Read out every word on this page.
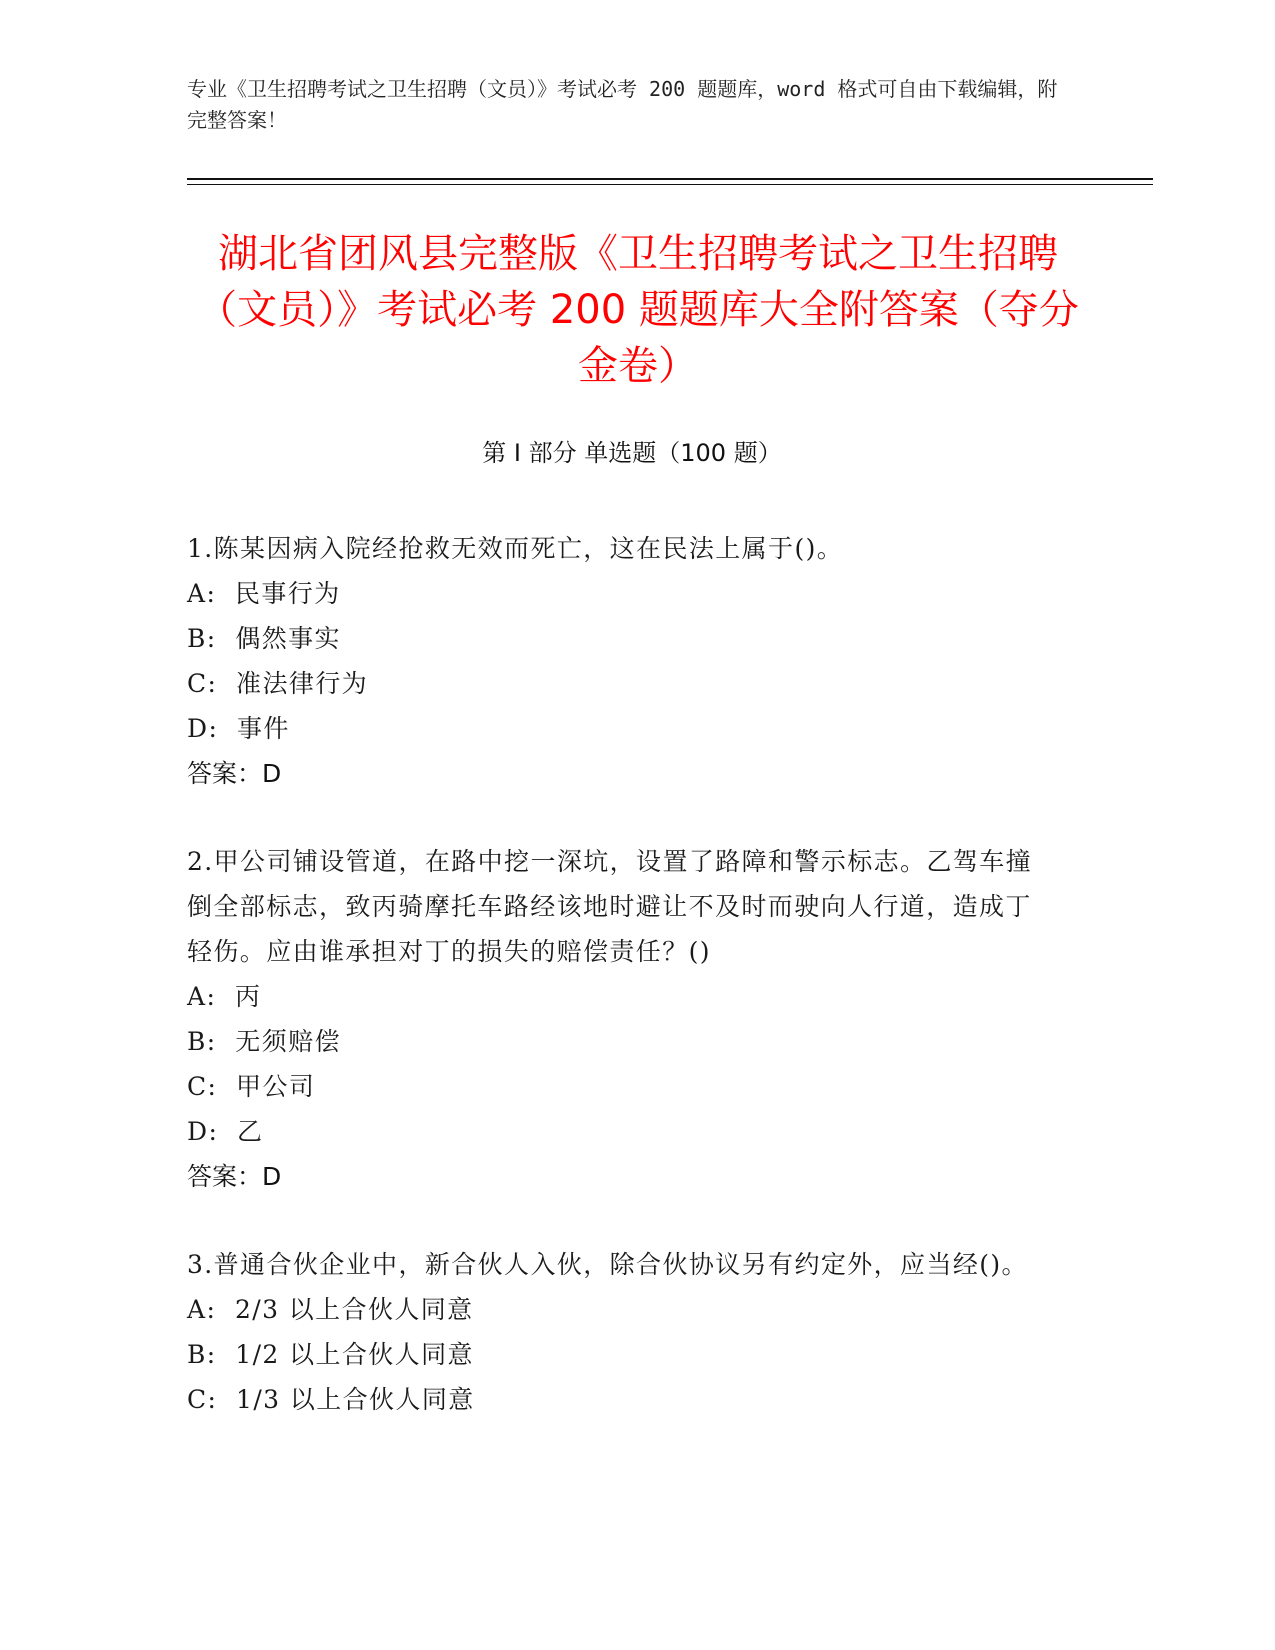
专业《卫生招聘考试之卫生招聘（文员）》考试必考 200 题题库，word 格式可自由下载编辑，附完整答案！
湖北省团风县完整版《卫生招聘考试之卫生招聘（文员）》考试必考 200 题题库大全附答案（夺分金卷）
第 I 部分 单选题（100 题）

1.陈某因病入院经抢救无效而死亡，这在民法上属于()。

A:  民事行为

B:  偶然事实

C:  准法律行为

D:  事件

答案：D

2.甲公司铺设管道，在路中挖一深坑，设置了路障和警示标志。乙驾车撞倒全部标志，致丙骑摩托车路经该地时避让不及时而驶向人行道，造成丁轻伤。应由谁承担对丁的损失的赔偿责任？()

A:  丙

B:  无须赔偿

C:  甲公司

D:  乙

答案：D

3.普通合伙企业中，新合伙人入伙，除合伙协议另有约定外，应当经()。

A:  2/3 以上合伙人同意

B:  1/2 以上合伙人同意

C:  1/3 以上合伙人同意
